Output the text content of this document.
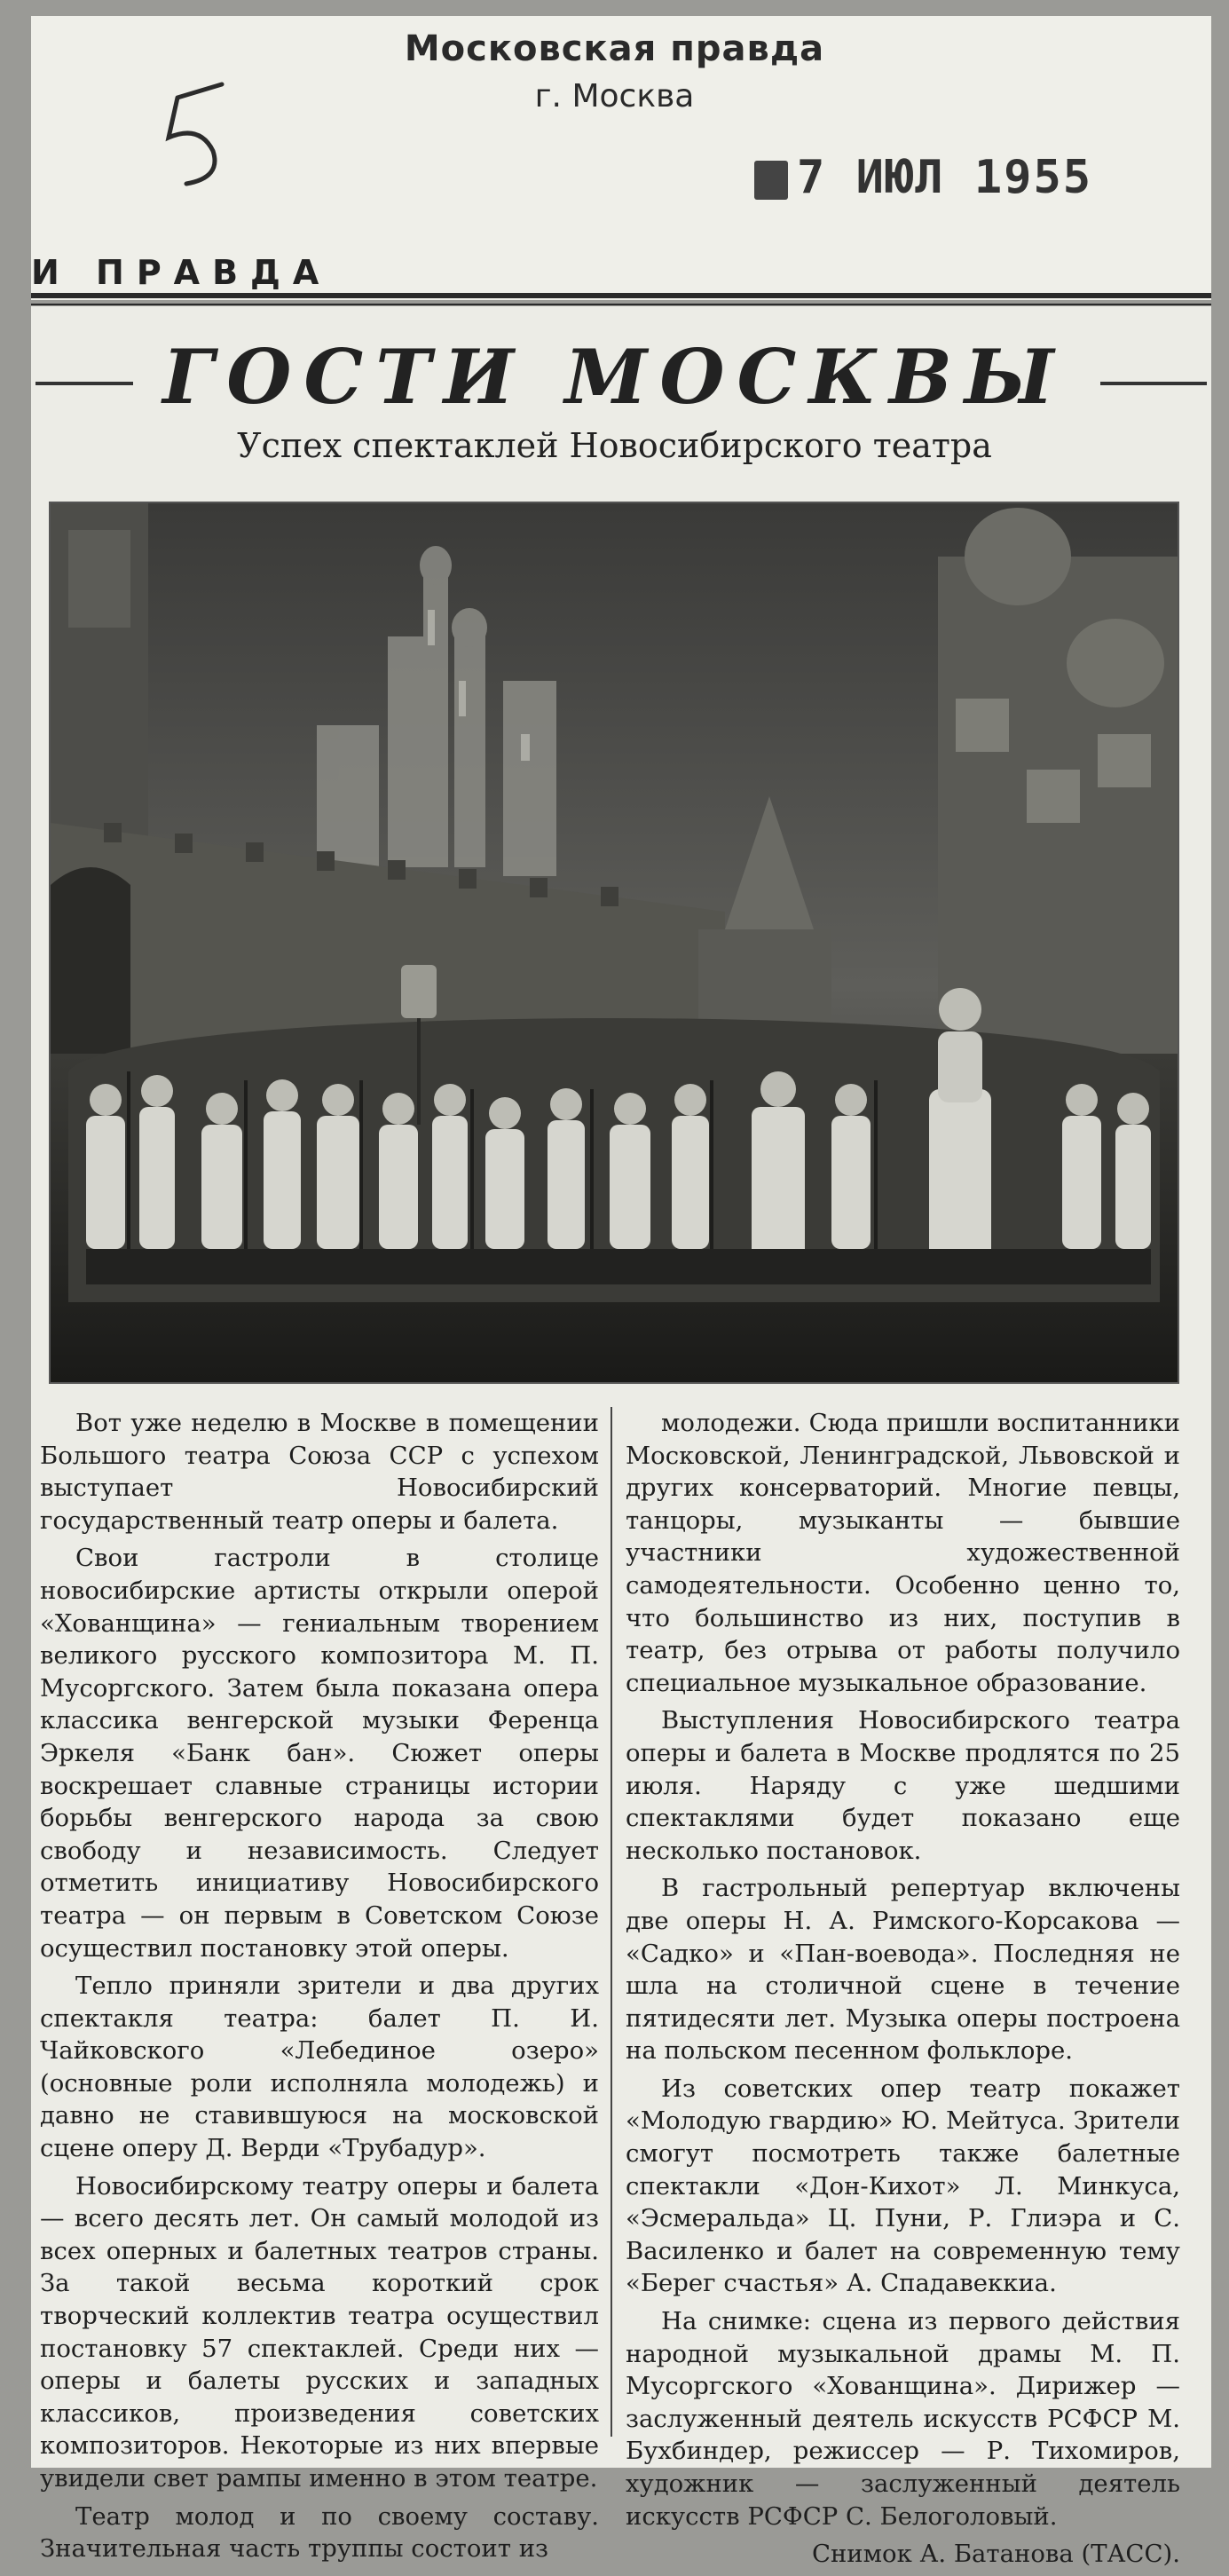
Московская правда
г. Москва
7 ИЮЛ 1955
И ПРАВДА
ГОСТИ МОСКВЫ
Успех спектаклей Новосибирского театра

Вот уже неделю в Москве в помещении Большого театра Союза ССР с успехом выступает Новосибирский государственный театр оперы и балета.

Свои гастроли в столице новосибирские артисты открыли оперой «Хованщина» — гениальным творением великого русского композитора М. П. Мусоргского. Затем была показана опера классика венгерской музыки Ференца Эркеля «Банк бан». Сюжет оперы воскрешает славные страницы истории борьбы венгерского народа за свою свободу и независимость. Следует отметить инициативу Новосибирского театра — он первым в Советском Союзе осуществил постановку этой оперы.

Тепло приняли зрители и два других спектакля театра: балет П. И. Чайковского «Лебединое озеро» (основные роли исполняла молодежь) и давно не ставившуюся на московской сцене оперу Д. Верди «Трубадур».

Новосибирскому театру оперы и балета — всего десять лет. Он самый молодой из всех оперных и балетных театров страны. За такой весьма короткий срок творческий коллектив театра осуществил постановку 57 спектаклей. Среди них — оперы и балеты русских и западных классиков, произведения советских композиторов. Некоторые из них впервые увидели свет рампы именно в этом театре.

Театр молод и по своему составу. Значительная часть труппы состоит из

молодежи. Сюда пришли воспитанники Московской, Ленинградской, Львовской и других консерваторий. Многие певцы, танцоры, музыканты — бывшие участники художественной самодеятельности. Особенно ценно то, что большинство из них, поступив в театр, без отрыва от работы получило специальное музыкальное образование.

Выступления Новосибирского театра оперы и балета в Москве продлятся по 25 июля. Наряду с уже шедшими спектаклями будет показано еще несколько постановок.

В гастрольный репертуар включены две оперы Н. А. Римского-Корсакова — «Садко» и «Пан-воевода». Последняя не шла на столичной сцене в течение пятидесяти лет. Музыка оперы построена на польском песенном фольклоре.

Из советских опер театр покажет «Молодую гвардию» Ю. Мейтуса. Зрители смогут посмотреть также балетные спектакли «Дон-Кихот» Л. Минкуса, «Эсмеральда» Ц. Пуни, Р. Глиэра и С. Василенко и балет на современную тему «Берег счастья» А. Спадавеккиа.

На снимке: сцена из первого действия народной музыкальной драмы М. П. Мусоргского «Хованщина». Дирижер — заслуженный деятель искусств РСФСР М. Бухбиндер, режиссер — Р. Тихомиров, художник — заслуженный деятель искусств РСФСР С. Белоголовый.

Снимок А. Батанова (ТАСС).
